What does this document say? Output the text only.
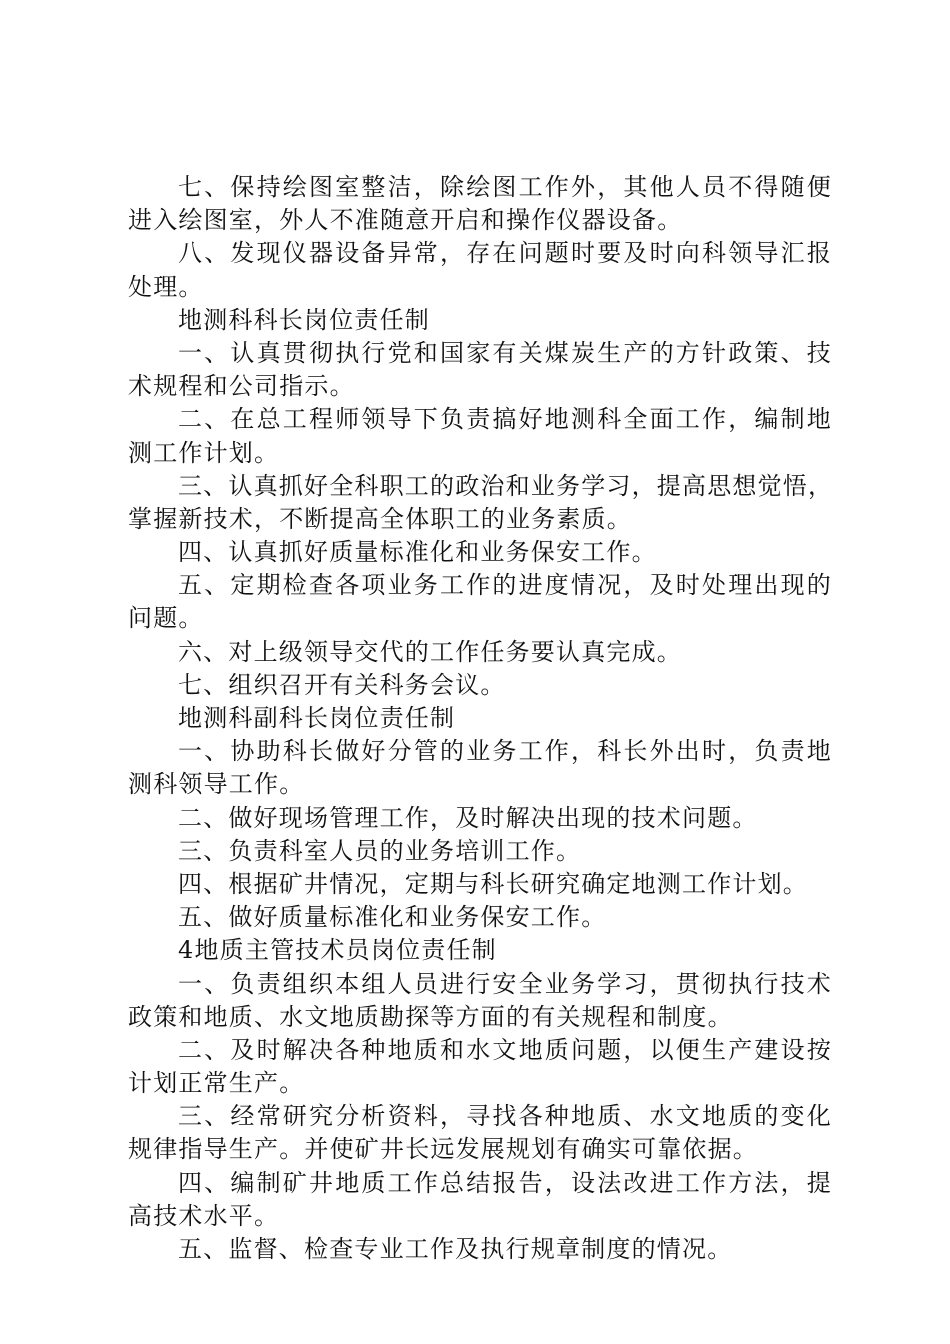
七、保持绘图室整洁，除绘图工作外，其他人员不得随便
进入绘图室，外人不准随意开启和操作仪器设备。
八、发现仪器设备异常，存在问题时要及时向科领导汇报
处理。
地测科科长岗位责任制
一、认真贯彻执行党和国家有关煤炭生产的方针政策、技
术规程和公司指示。
二、在总工程师领导下负责搞好地测科全面工作，编制地
测工作计划。
三、认真抓好全科职工的政治和业务学习，提高思想觉悟，
掌握新技术，不断提高全体职工的业务素质。
四、认真抓好质量标准化和业务保安工作。
五、定期检查各项业务工作的进度情况，及时处理出现的
问题。
六、对上级领导交代的工作任务要认真完成。
七、组织召开有关科务会议。
地测科副科长岗位责任制
一、协助科长做好分管的业务工作，科长外出时，负责地
测科领导工作。
二、做好现场管理工作，及时解决出现的技术问题。
三、负责科室人员的业务培训工作。
四、根据矿井情况，定期与科长研究确定地测工作计划。
五、做好质量标准化和业务保安工作。
4地质主管技术员岗位责任制
一、负责组织本组人员进行安全业务学习，贯彻执行技术
政策和地质、水文地质勘探等方面的有关规程和制度。
二、及时解决各种地质和水文地质问题，以便生产建设按
计划正常生产。
三、经常研究分析资料，寻找各种地质、水文地质的变化
规律指导生产。并使矿井长远发展规划有确实可靠依据。
四、编制矿井地质工作总结报告，设法改进工作方法，提
高技术水平。
五、监督、检查专业工作及执行规章制度的情况。
